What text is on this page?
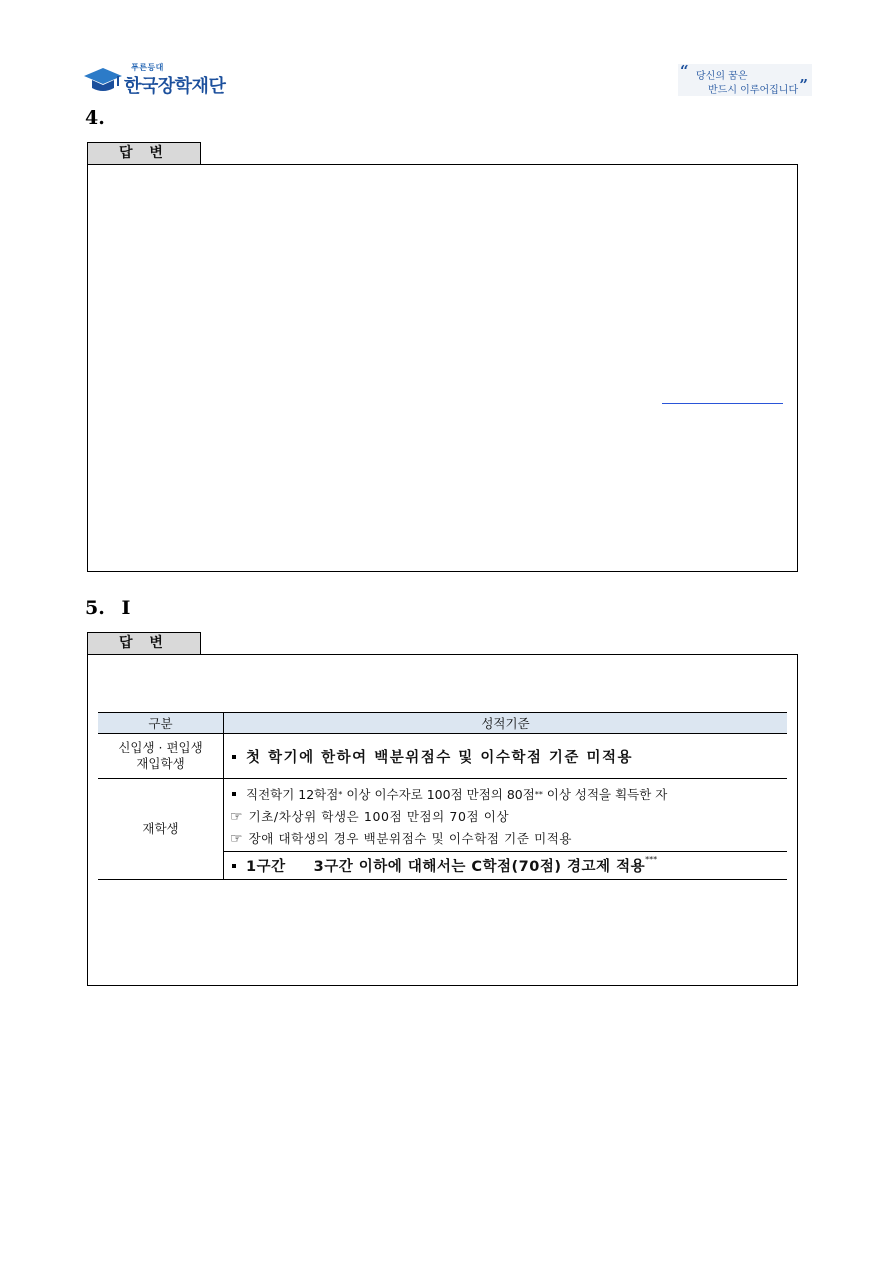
푸른등대
한국장학재단
“ 당신의 꿈은
반드시 이루어집니다 ”
4.
답 변
5. I
답 변
구분	성적기준

신입생 · 편입생
재입학생	첫 학기에 한하여 백분위점수 및 이수학점 기준 미적용
재학생	직전학기 12학점* 이상 이수자로 100점 만점의 80점** 이상 성적을 획득한 자
☞ 기초/차상위 학생은 100점 만점의 70점 이상
☞ 장애 대학생의 경우 백분위점수 및 이수학점 기준 미적용

	1구간 3구간 이하에 대해서는 C학점(70점) 경고제 적용***
